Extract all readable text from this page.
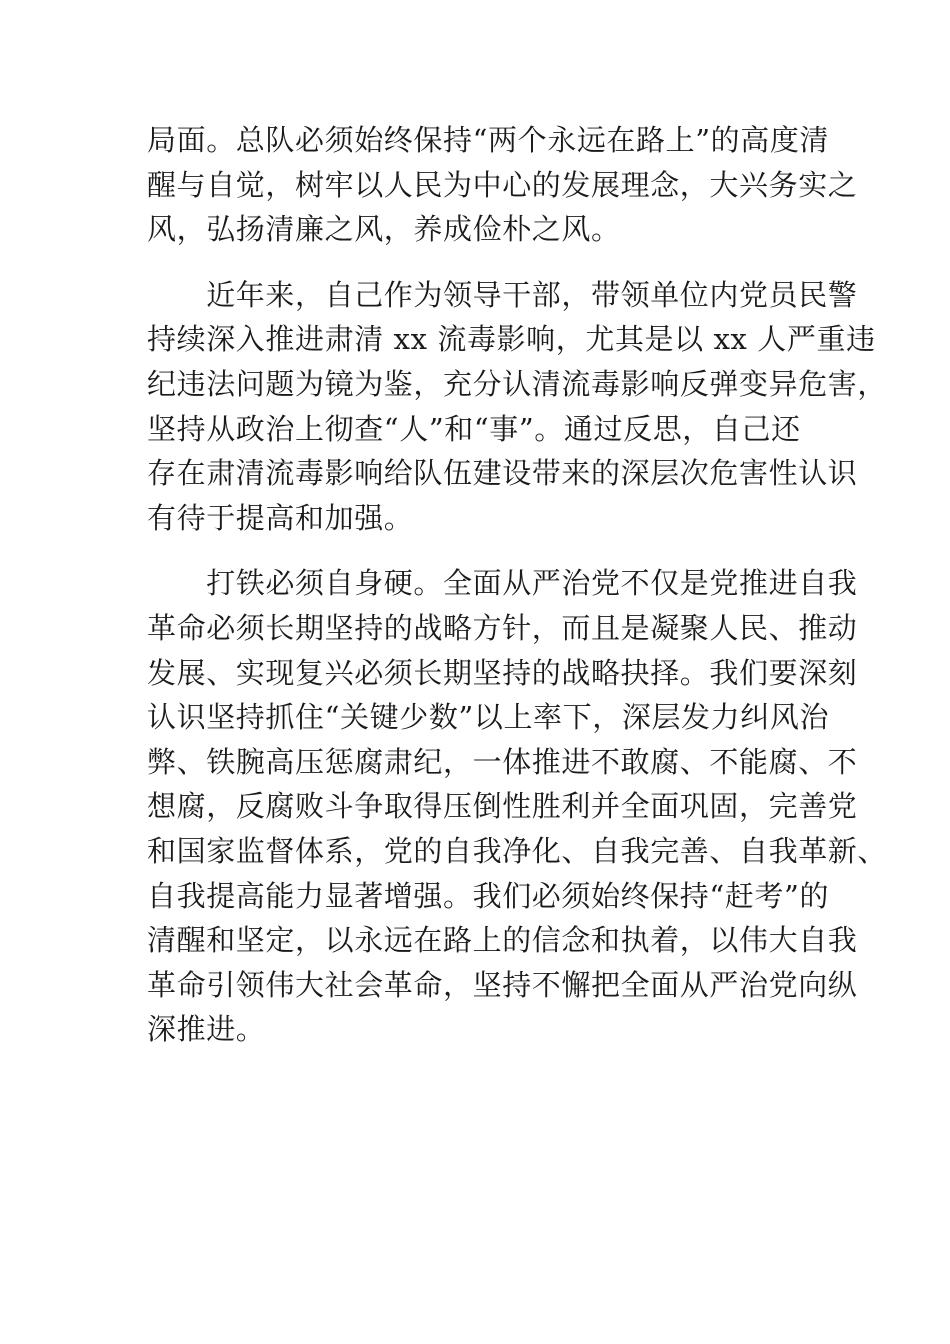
局面。总队必须始终保持“两个永远在路上”的高度清
醒与自觉，树牢以人民为中心的发展理念，大兴务实之
风，弘扬清廉之风，养成俭朴之风。
　　近年来，自己作为领导干部，带领单位内党员民警
持续深入推进肃清 xx 流毒影响，尤其是以 xx 人严重违
纪违法问题为镜为鉴，充分认清流毒影响反弹变异危害，
坚持从政治上彻查“人”和“事”。通过反思，自己还
存在肃清流毒影响给队伍建设带来的深层次危害性认识
有待于提高和加强。
　　打铁必须自身硬。全面从严治党不仅是党推进自我
革命必须长期坚持的战略方针，而且是凝聚人民、推动
发展、实现复兴必须长期坚持的战略抉择。我们要深刻
认识坚持抓住“关键少数”以上率下，深层发力纠风治
弊、铁腕高压惩腐肃纪，一体推进不敢腐、不能腐、不
想腐，反腐败斗争取得压倒性胜利并全面巩固，完善党
和国家监督体系，党的自我净化、自我完善、自我革新、
自我提高能力显著增强。我们必须始终保持“赶考”的
清醒和坚定，以永远在路上的信念和执着，以伟大自我
革命引领伟大社会革命，坚持不懈把全面从严治党向纵
深推进。
